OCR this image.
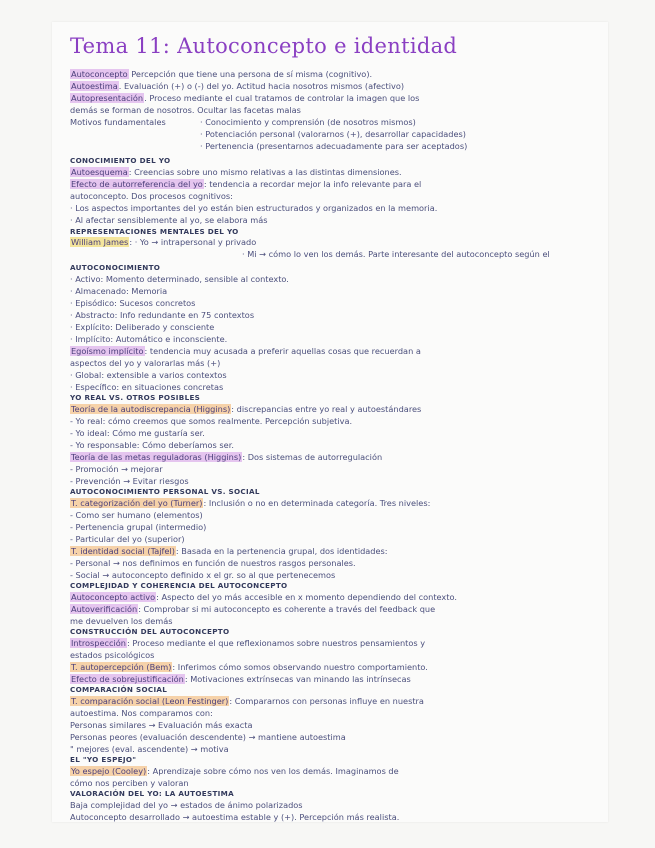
Tema 11: Autoconcepto e identidad
Autoconcepto Percepción que tiene una persona de sí misma (cognitivo).
Autoestima. Evaluación (+) o (-) del yo. Actitud hacia nosotros mismos (afectivo)
Autopresentación. Proceso mediante el cual tratamos de controlar la imagen que los
demás se forman de nosotros. Ocultar las facetas malas
Motivos fundamentales	· Conocimiento y comprensión (de nosotros mismos)
· Potenciación personal (valorarnos (+), desarrollar capacidades)
· Pertenencia (presentarnos adecuadamente para ser aceptados)
CONOCIMIENTO DEL YO
Autoesquema: Creencias sobre uno mismo relativas a las distintas dimensiones.
Efecto de autorreferencia del yo: tendencia a recordar mejor la info relevante para el
autoconcepto. Dos procesos cognitivos:
· Los aspectos importantes del yo están bien estructurados y organizados en la memoria.
· Al afectar sensiblemente al yo, se elabora más
REPRESENTACIONES MENTALES DEL YO
William James: · Yo → intrapersonal y privado
· Mi → cómo lo ven los demás. Parte interesante del autoconcepto según el
AUTOCONOCIMIENTO
· Activo: Momento determinado, sensible al contexto.
· Almacenado: Memoria
· Episódico: Sucesos concretos
· Abstracto: Info redundante en 75 contextos
· Explícito: Deliberado y consciente
· Implícito: Automático e inconsciente.
Egoísmo implícito: tendencia muy acusada a preferir aquellas cosas que recuerdan a
aspectos del yo y valorarlas más (+)
· Global: extensible a varios contextos
· Específico: en situaciones concretas
YO REAL VS. OTROS POSIBLES
Teoría de la autodiscrepancia (Higgins): discrepancias entre yo real y autoestándares
- Yo real: cómo creemos que somos realmente. Percepción subjetiva.
- Yo ideal: Cómo me gustaría ser.
- Yo responsable: Cómo deberíamos ser.
Teoría de las metas reguladoras (Higgins): Dos sistemas de autorregulación
- Promoción → mejorar
- Prevención → Evitar riesgos
AUTOCONOCIMIENTO PERSONAL VS. SOCIAL
T. categorización del yo (Turner): Inclusión o no en determinada categoría. Tres niveles:
- Como ser humano (elementos)
- Pertenencia grupal (intermedio)
- Particular del yo (superior)
T. identidad social (Tajfel): Basada en la pertenencia grupal, dos identidades:
- Personal → nos definimos en función de nuestros rasgos personales.
- Social → autoconcepto definido x el gr. so al que pertenecemos
COMPLEJIDAD Y COHERENCIA DEL AUTOCONCEPTO
Autoconcepto activo: Aspecto del yo más accesible en x momento dependiendo del contexto.
Autoverificación: Comprobar si mi autoconcepto es coherente a través del feedback que
me devuelven los demás
CONSTRUCCIÓN DEL AUTOCONCEPTO
Introspección: Proceso mediante el que reflexionamos sobre nuestros pensamientos y
estados psicológicos
T. autopercepción (Bem): Inferimos cómo somos observando nuestro comportamiento.
Efecto de sobrejustificación: Motivaciones extrínsecas van minando las intrínsecas
COMPARACIÓN SOCIAL
T. comparación social (Leon Festinger): Compararnos con personas influye en nuestra
autoestima. Nos comparamos con:
Personas similares → Evaluación más exacta
Personas peores (evaluación descendente) → mantiene autoestima
" mejores (eval. ascendente) → motiva
EL "YO ESPEJO"
Yo espejo (Cooley): Aprendizaje sobre cómo nos ven los demás. Imaginamos de
cómo nos perciben y valoran
VALORACIÓN DEL YO: LA AUTOESTIMA
Baja complejidad del yo → estados de ánimo polarizados
Autoconcepto desarrollado → autoestima estable y (+). Percepción más realista.
